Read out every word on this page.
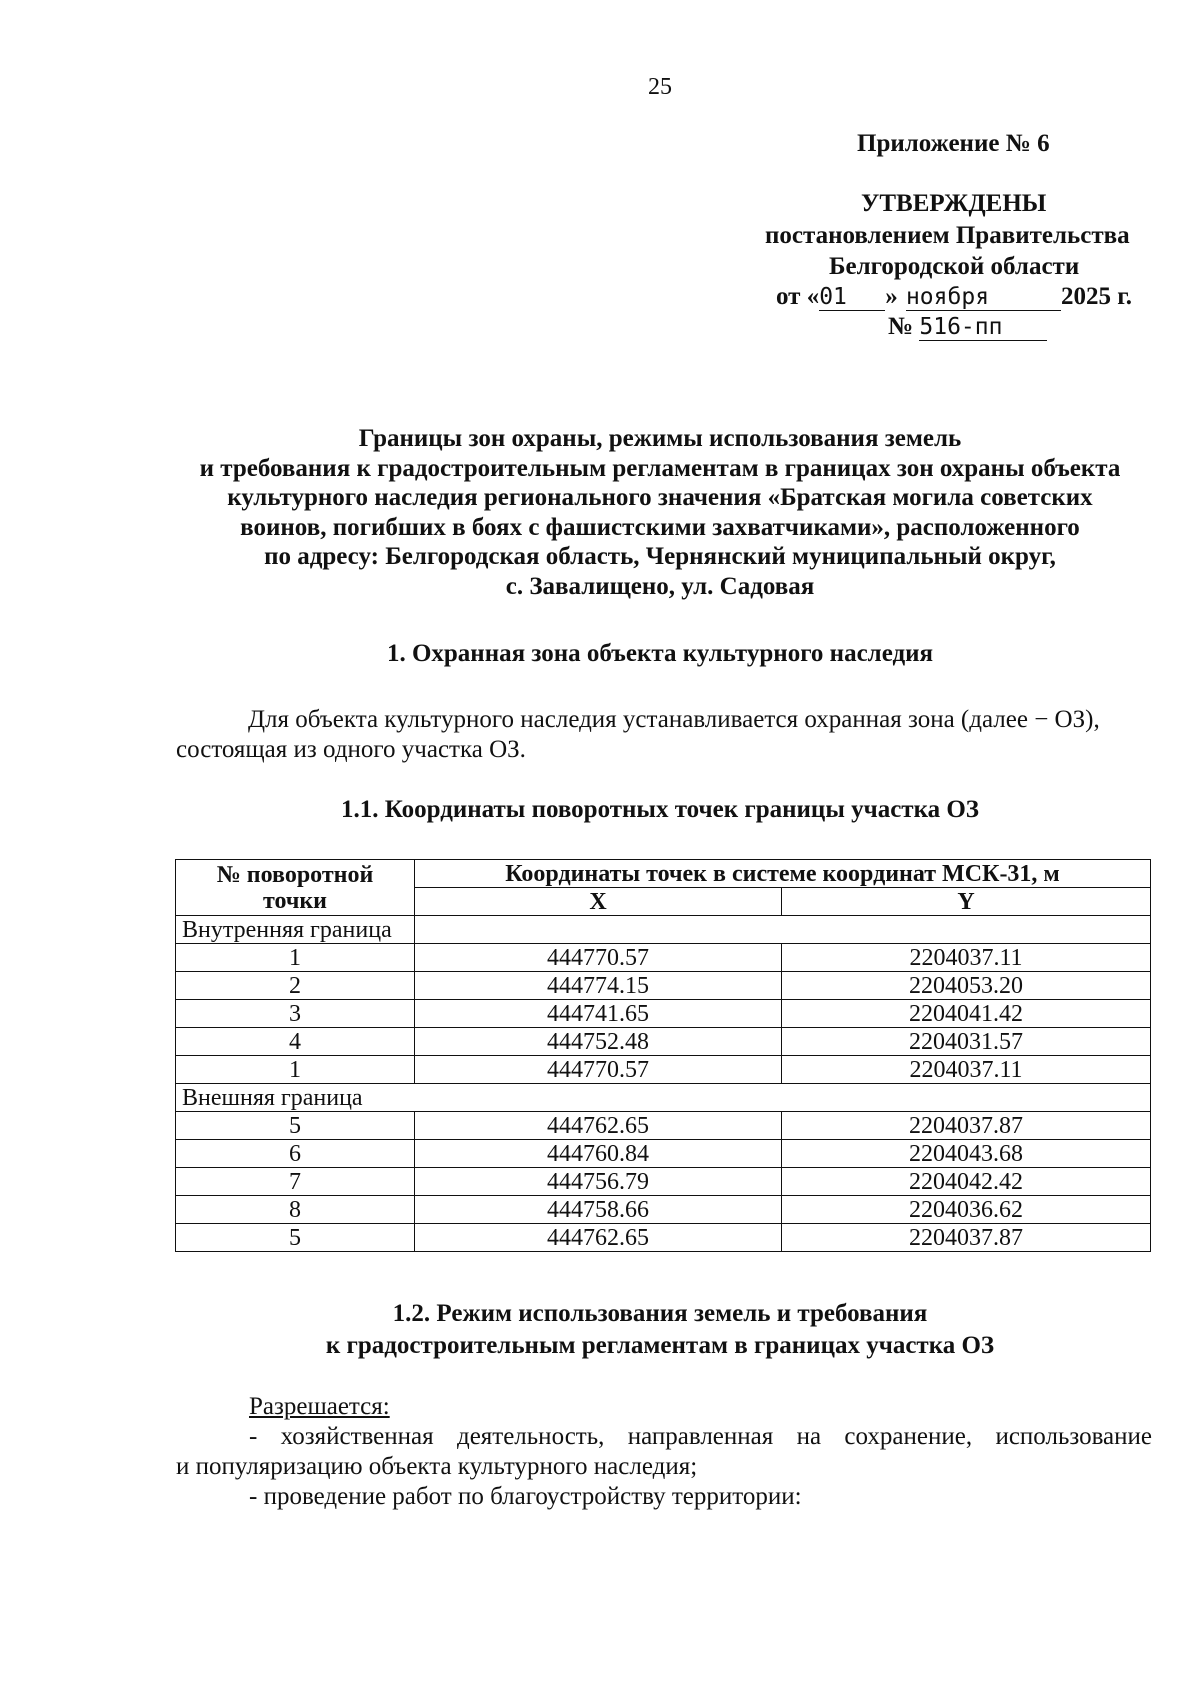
25
Приложение № 6
УТВЕРЖДЕНЫ
постановлением Правительства
Белгородской области
от «01 » ноября	2025 г.
№ 516-пп
Границы зон охраны, режимы использования земель
и требования к градостроительным регламентам в границах зон охраны объекта
культурного наследия регионального значения «Братская могила советских
воинов, погибших в боях с фашистскими захватчиками», расположенного
по адресу: Белгородская область, Чернянский муниципальный округ,
с. Завалищено, ул. Садовая
1. Охранная зона объекта культурного наследия
Для объекта культурного наследия устанавливается охранная зона (далее − ОЗ),
состоящая из одного участка ОЗ.
1.1. Координаты поворотных точек границы участка ОЗ
№ поворотной
точки	Координаты точек в системе координат МСК-31, м	
	X	Y
Внутренняя граница		
1	444770.57	2204037.11
2	444774.15	2204053.20
3	444741.65	2204041.42
4	444752.48	2204031.57
1	444770.57	2204037.11
Внешняя граница		
5	444762.65	2204037.87
6	444760.84	2204043.68
7	444756.79	2204042.42
8	444758.66	2204036.62
5	444762.65	2204037.87
1.2. Режим использования земель и требования
к градостроительным регламентам в границах участка ОЗ
Разрешается:
- хозяйственная деятельность, направленная на сохранение, использование
и популяризацию объекта культурного наследия;
- проведение работ по благоустройству территории:
